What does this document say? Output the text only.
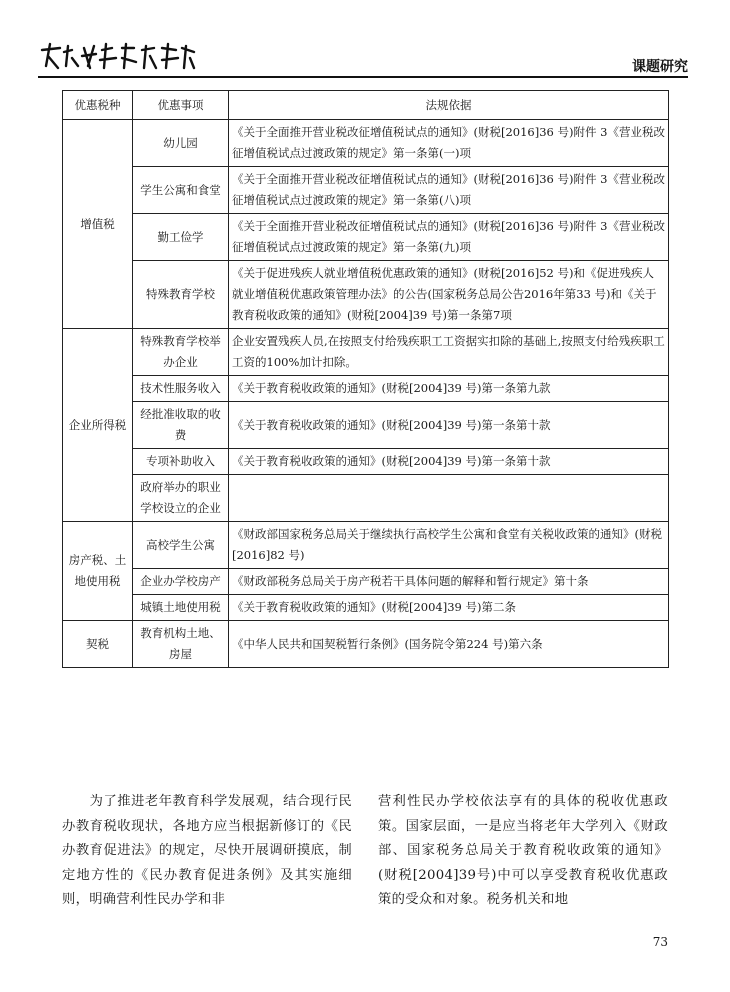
课题研究
优惠税种	优惠事项	法规依据
增值税	幼儿园	《关于全面推开营业税改征增值税试点的通知》(财税[2016]36 号)附件 3《营业税改征增值税试点过渡政策的规定》第一条第(一)项
	学生公寓和食堂	《关于全面推开营业税改征增值税试点的通知》(财税[2016]36 号)附件 3《营业税改征增值税试点过渡政策的规定》第一条第(八)项
	勤工俭学	《关于全面推开营业税改征增值税试点的通知》(财税[2016]36 号)附件 3《营业税改征增值税试点过渡政策的规定》第一条第(九)项
	特殊教育学校	《关于促进残疾人就业增值税优惠政策的通知》(财税[2016]52 号)和《促进残疾人就业增值税优惠政策管理办法》的公告(国家税务总局公告2016年第33 号)和《关于教育税收政策的通知》(财税[2004]39 号)第一条第7项
企业所得税	特殊教育学校举办企业	企业安置残疾人员,在按照支付给残疾职工工资据实扣除的基础上,按照支付给残疾职工工资的100%加计扣除。
	技术性服务收入	《关于教育税收政策的通知》(财税[2004]39 号)第一条第九款
	经批准收取的收费	《关于教育税收政策的通知》(财税[2004]39 号)第一条第十款
	专项补助收入	《关于教育税收政策的通知》(财税[2004]39 号)第一条第十款
	政府举办的职业学校设立的企业	
房产税、土地使用税	高校学生公寓	《财政部国家税务总局关于继续执行高校学生公寓和食堂有关税收政策的通知》(财税[2016]82 号)
	企业办学校房产	《财政部税务总局关于房产税若干具体问题的解释和暂行规定》第十条
	城镇土地使用税	《关于教育税收政策的通知》(财税[2004]39 号)第二条
契税	教育机构土地、房屋	《中华人民共和国契税暂行条例》(国务院令第224 号)第六条
　　为了推进老年教育科学发展观，结合现行民办教育税收现状，各地方应当根据新修订的《民办教育促进法》的规定，尽快开展调研摸底，制定地方性的《民办教育促进条例》及其实施细则，明确营利性民办学和非
营利性民办学校依法享有的具体的税收优惠政策。国家层面，一是应当将老年大学列入《财政部、国家税务总局关于教育税收政策的通知》(财税[2004]39号)中可以享受教育税收优惠政策的受众和对象。税务机关和地
73
